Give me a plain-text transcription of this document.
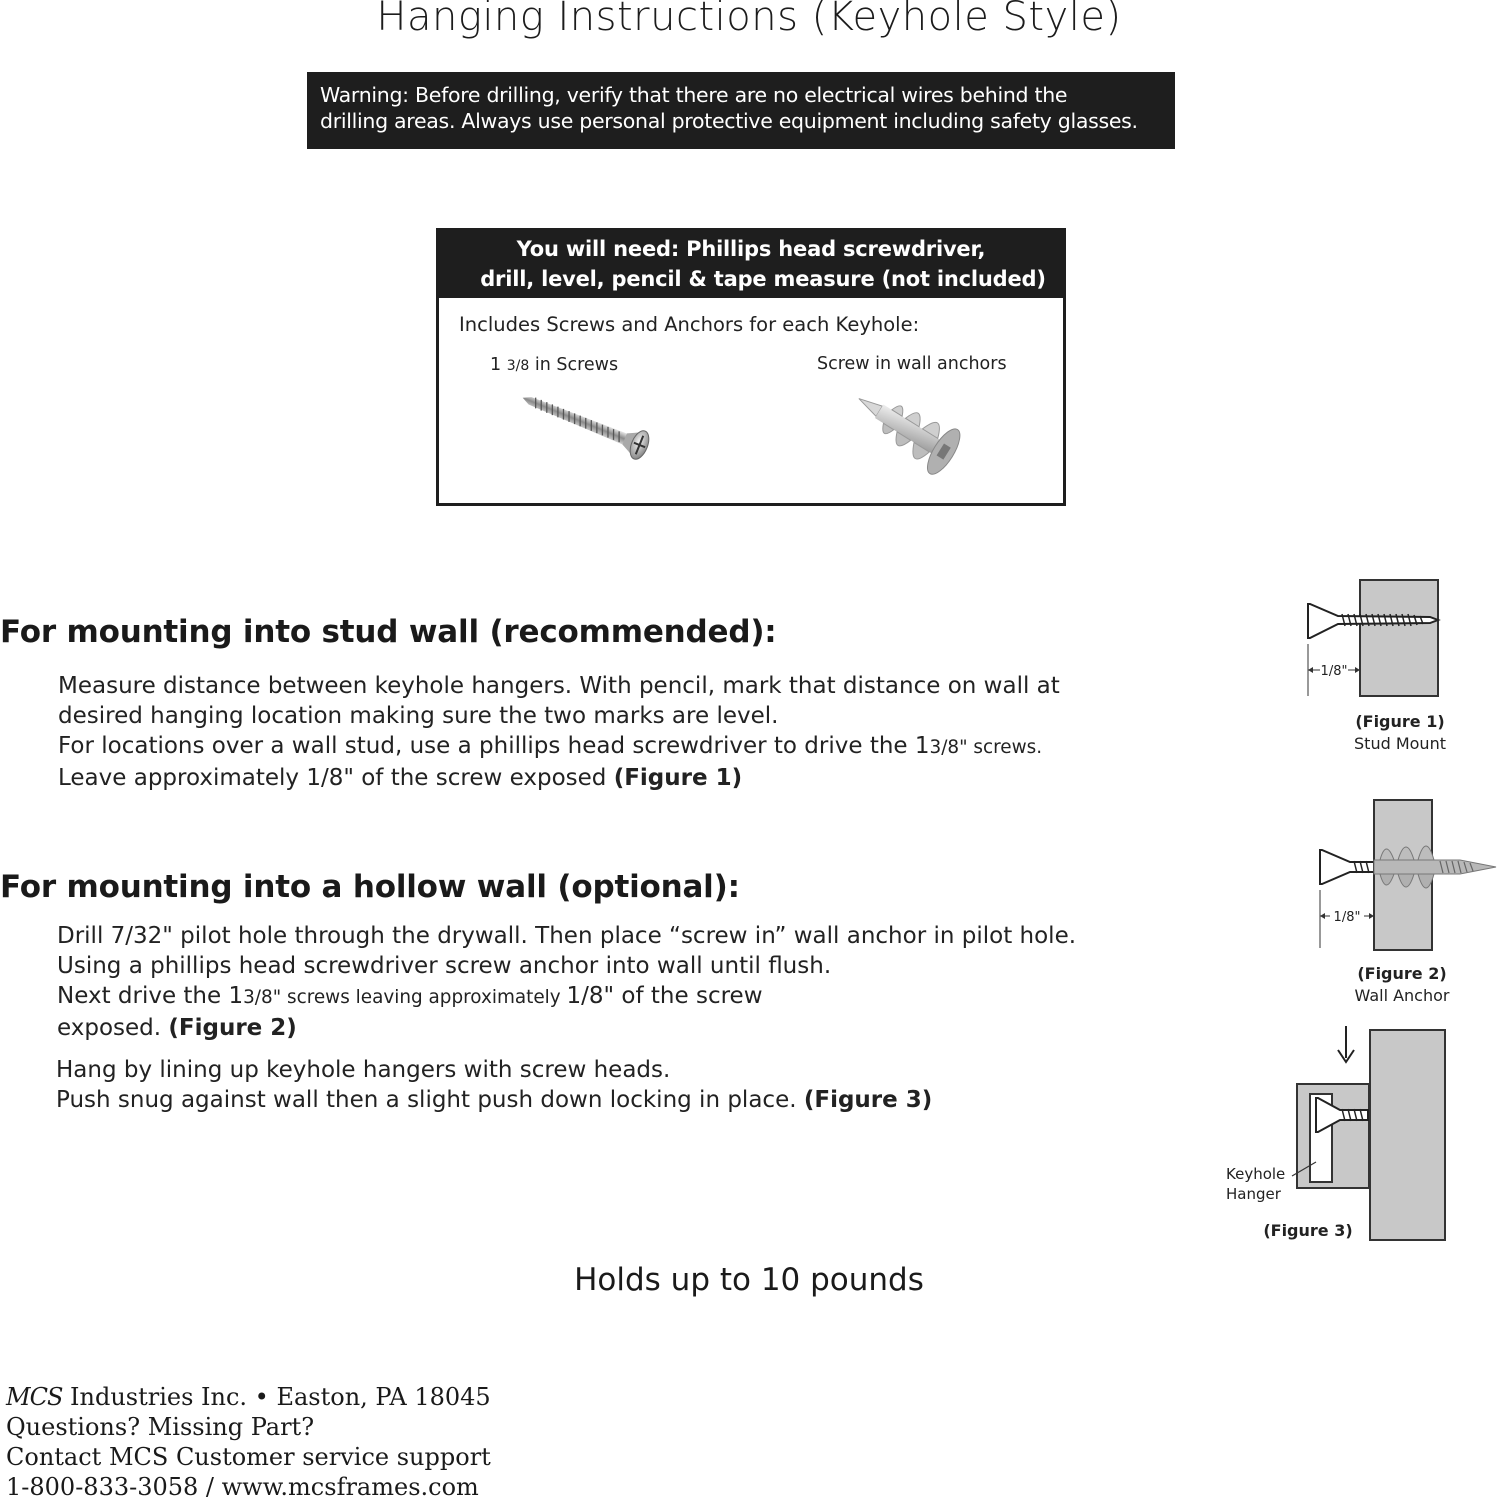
Hanging Instructions (Keyhole Style)
Warning: Before drilling, verify that there are no electrical wires behind the
drilling areas. Always use personal protective equipment including safety glasses.
You will need: Phillips head screwdriver,
drill, level, pencil & tape measure (not included)
Includes Screws and Anchors for each Keyhole:
1 3/8 in Screws	Screw in wall anchors
For mounting into stud wall (recommended):
Measure distance between keyhole hangers. With pencil, mark that distance on wall at
desired hanging location making sure the two marks are level.
For locations over a wall stud, use a phillips head screwdriver to drive the 13/8" screws.
Leave approximately 1/8" of the screw exposed (Figure 1)
For mounting into a hollow wall (optional):
Drill 7/32" pilot hole through the drywall. Then place “screw in” wall anchor in pilot hole.
Using a phillips head screwdriver screw anchor into wall until flush.
Next drive the 13/8" screws leaving approximately 1/8" of the screw
exposed. (Figure 2)
Hang by lining up keyhole hangers with screw heads.
Push snug against wall then a slight push down locking in place. (Figure 3)
1/8"
(Figure 1)
Stud Mount
1/8"
(Figure 2)
Wall Anchor
Keyhole
Hanger
(Figure 3)
Holds up to 10 pounds
MCS Industries Inc. • Easton, PA 18045
Questions? Missing Part?
Contact MCS Customer service support
1-800-833-3058 / www.mcsframes.com
